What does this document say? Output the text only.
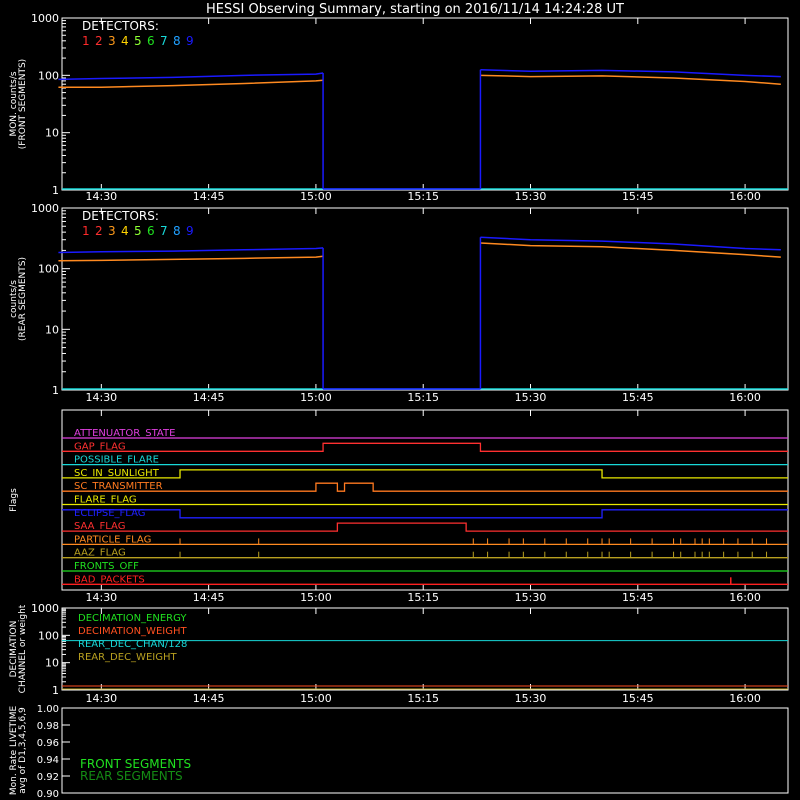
HESSI Observing Summary, starting on 2016/11/14 14:24:28 UT
1000
100
10
1 14:30	14:45	15:00	15:15	15:30	15:45	16:00
MON. counts/s (FRONT SEGMENTS)
DETECTORS:
1 2 3 4 5 6 7 8 9
1000
100
10
1
14:30	14:45	15:00	15:15	15:30	15:45	16:00
counts/s (REAR SEGMENTS)
DETECTORS:
1 2 3 4 5 6 7 8 9
14:30	14:45	15:00	15:15	15:30	15:45	16:00
Flags
ATTENUATOR_STATE
GAP_FLAG
POSSIBLE_FLARE
SC_IN_SUNLIGHT
SC_TRANSMITTER
FLARE_FLAG
ECLIPSE_FLAG
SAA_FLAG
PARTICLE_FLAG
AAZ_FLAG
FRONTS_OFF
BAD_PACKETS
1000
100
10
1
14:30	14:45	15:00	15:15	15:30	15:45	16:00
DECIMATION CHANNEL or weight	DECIMATION_ENERGY
DECIMATION_WEIGHT
REAR_DEC_CHAN/128
REAR_DEC_WEIGHT
Mon. Rate LIVETIME avg of D1,3,4,5,6,9 1.00
0.98
0.96
0.94
0.92
0.90
FRONT SEGMENTS
REAR SEGMENTS
